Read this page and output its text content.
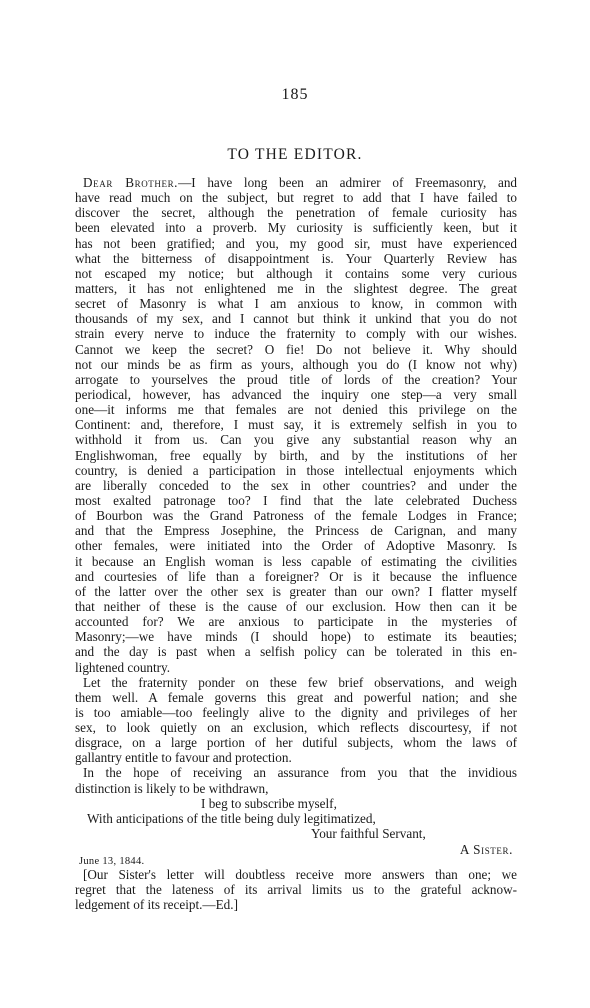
185
TO THE EDITOR.
Dear Brother.—I have long been an admirer of Freemasonry, and
have read much on the subject, but regret to add that I have failed to
discover the secret, although the penetration of female curiosity has
been elevated into a proverb. My curiosity is sufficiently keen, but it
has not been gratified; and you, my good sir, must have experienced
what the bitterness of disappointment is. Your Quarterly Review has
not escaped my notice; but although it contains some very curious
matters, it has not enlightened me in the slightest degree. The great
secret of Masonry is what I am anxious to know, in common with
thousands of my sex, and I cannot but think it unkind that you do not
strain every nerve to induce the fraternity to comply with our wishes.
Cannot we keep the secret? O fie! Do not believe it. Why should
not our minds be as firm as yours, although you do (I know not why)
arrogate to yourselves the proud title of lords of the creation? Your
periodical, however, has advanced the inquiry one step—a very small
one—it informs me that females are not denied this privilege on the
Continent: and, therefore, I must say, it is extremely selfish in you to
withhold it from us. Can you give any substantial reason why an
Englishwoman, free equally by birth, and by the institutions of her
country, is denied a participation in those intellectual enjoyments which
are liberally conceded to the sex in other countries? and under the
most exalted patronage too? I find that the late celebrated Duchess
of Bourbon was the Grand Patroness of the female Lodges in France;
and that the Empress Josephine, the Princess de Carignan, and many
other females, were initiated into the Order of Adoptive Masonry. Is
it because an English woman is less capable of estimating the civilities
and courtesies of life than a foreigner? Or is it because the influence
of the latter over the other sex is greater than our own? I flatter myself
that neither of these is the cause of our exclusion. How then can it be
accounted for? We are anxious to participate in the mysteries of
Masonry;—we have minds (I should hope) to estimate its beauties;
and the day is past when a selfish policy can be tolerated in this en-
lightened country.
Let the fraternity ponder on these few brief observations, and weigh
them well. A female governs this great and powerful nation; and she
is too amiable—too feelingly alive to the dignity and privileges of her
sex, to look quietly on an exclusion, which reflects discourtesy, if not
disgrace, on a large portion of her dutiful subjects, whom the laws of
gallantry entitle to favour and protection.
In the hope of receiving an assurance from you that the invidious
distinction is likely to be withdrawn,
I beg to subscribe myself,
With anticipations of the title being duly legitimatized,
Your faithful Servant,
$_{June 13, 1844.}$
A Sister.
[Our Sister's letter will doubtless receive more answers than one; we
regret that the lateness of its arrival limits us to the grateful acknow-
ledgement of its receipt.—Ed.]
